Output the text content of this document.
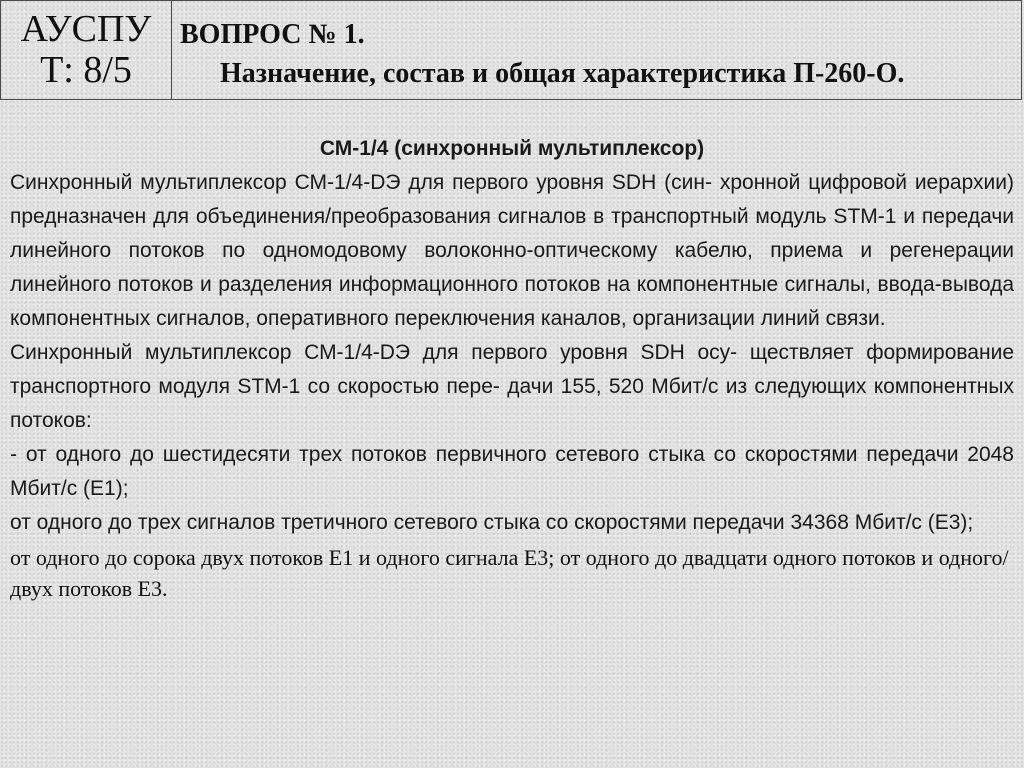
АУСПУ
Т: 8/5
ВОПРОС № 1.
Назначение, состав и общая характеристика П-260-О.

СМ-1/4 (синхронный мультиплексор)

Синхронный мультиплексор СМ-1/4-DЭ для первого уровня SDH (син- хронной цифровой иерархии) предназначен для объединения/преобразования сигналов в транспортный модуль STM-1 и передачи линейного потоков по одномодовому волоконно-оптическому кабелю, приема и регенерации линейного потоков и разделения информационного потоков на компонентные сигналы, ввода-вывода компонентных сигналов, оперативного переключения каналов, организации линий связи.

Синхронный мультиплексор СМ-1/4-DЭ для первого уровня SDH осу- ществляет формирование транспортного модуля STM-1 со скоростью пере- дачи 155, 520 Мбит/с из следующих компонентных потоков:

- от одного до шестидесяти трех потоков первичного сетевого стыка со скоростями передачи 2048 Мбит/с (E1);

от одного до трех сигналов третичного сетевого стыка со скоростями передачи 34368 Мбит/с (E3);

от одного до сорока двух потоков E1 и одного сигнала E3; от одного до двадцати одного потоков и одного/двух потоков E3.
